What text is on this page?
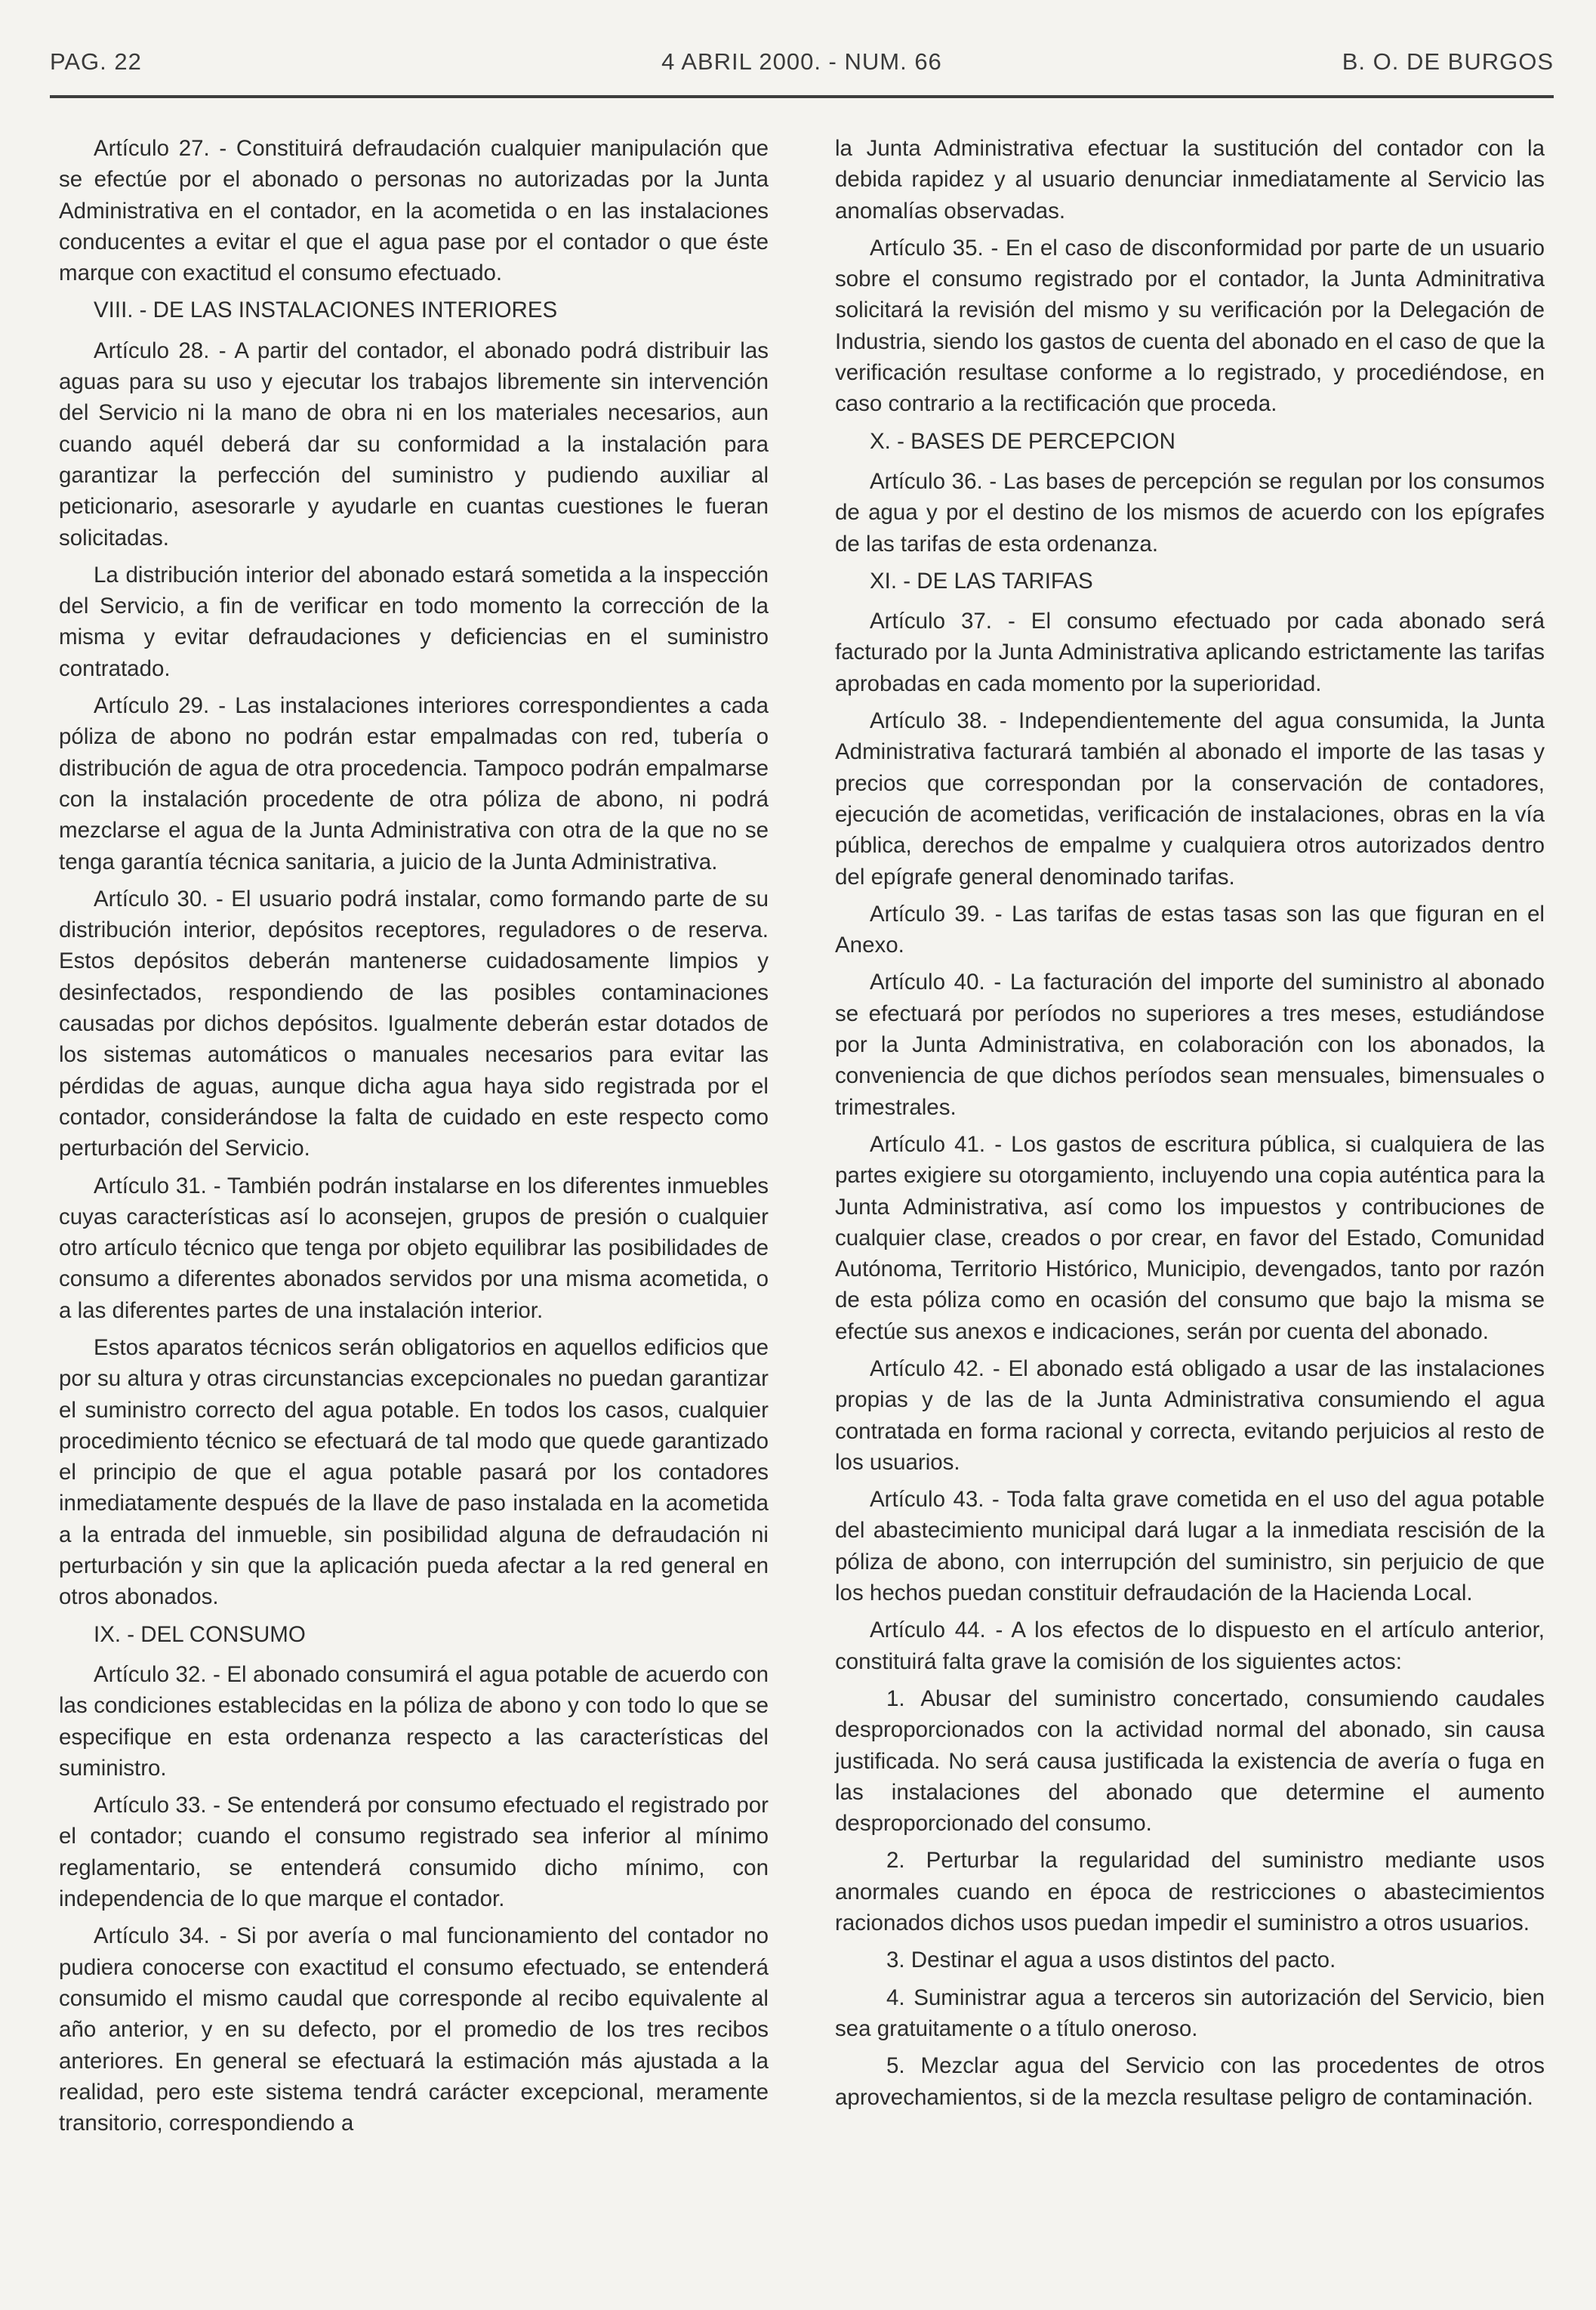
PAG. 22	4 ABRIL 2000. - NUM. 66	B. O. DE BURGOS

Artículo 27. - Constituirá defraudación cualquier manipulación que se efectúe por el abonado o personas no autorizadas por la Junta Administrativa en el contador, en la acometida o en las instalaciones conducentes a evitar el que el agua pase por el contador o que éste marque con exactitud el consumo efectuado.

VIII. - DE LAS INSTALACIONES INTERIORES

Artículo 28. - A partir del contador, el abonado podrá distribuir las aguas para su uso y ejecutar los trabajos libremente sin intervención del Servicio ni la mano de obra ni en los materiales necesarios, aun cuando aquél deberá dar su conformidad a la instalación para garantizar la perfección del suministro y pudiendo auxiliar al peticionario, asesorarle y ayudarle en cuantas cuestiones le fueran solicitadas.

La distribución interior del abonado estará sometida a la inspección del Servicio, a fin de verificar en todo momento la corrección de la misma y evitar defraudaciones y deficiencias en el suministro contratado.

Artículo 29. - Las instalaciones interiores correspondientes a cada póliza de abono no podrán estar empalmadas con red, tubería o distribución de agua de otra procedencia. Tampoco podrán empalmarse con la instalación procedente de otra póliza de abono, ni podrá mezclarse el agua de la Junta Administrativa con otra de la que no se tenga garantía técnica sanitaria, a juicio de la Junta Administrativa.

Artículo 30. - El usuario podrá instalar, como formando parte de su distribución interior, depósitos receptores, reguladores o de reserva. Estos depósitos deberán mantenerse cuidadosamente limpios y desinfectados, respondiendo de las posibles contaminaciones causadas por dichos depósitos. Igualmente deberán estar dotados de los sistemas automáticos o manuales necesarios para evitar las pérdidas de aguas, aunque dicha agua haya sido registrada por el contador, considerándose la falta de cuidado en este respecto como perturbación del Servicio.

Artículo 31. - También podrán instalarse en los diferentes inmuebles cuyas características así lo aconsejen, grupos de presión o cualquier otro artículo técnico que tenga por objeto equilibrar las posibilidades de consumo a diferentes abonados servidos por una misma acometida, o a las diferentes partes de una instalación interior.

Estos aparatos técnicos serán obligatorios en aquellos edificios que por su altura y otras circunstancias excepcionales no puedan garantizar el suministro correcto del agua potable. En todos los casos, cualquier procedimiento técnico se efectuará de tal modo que quede garantizado el principio de que el agua potable pasará por los contadores inmediatamente después de la llave de paso instalada en la acometida a la entrada del inmueble, sin posibilidad alguna de defraudación ni perturbación y sin que la aplicación pueda afectar a la red general en otros abonados.

IX. - DEL CONSUMO

Artículo 32. - El abonado consumirá el agua potable de acuerdo con las condiciones establecidas en la póliza de abono y con todo lo que se especifique en esta ordenanza respecto a las características del suministro.

Artículo 33. - Se entenderá por consumo efectuado el registrado por el contador; cuando el consumo registrado sea inferior al mínimo reglamentario, se entenderá consumido dicho mínimo, con independencia de lo que marque el contador.

Artículo 34. - Si por avería o mal funcionamiento del contador no pudiera conocerse con exactitud el consumo efectuado, se entenderá consumido el mismo caudal que corresponde al recibo equivalente al año anterior, y en su defecto, por el promedio de los tres recibos anteriores. En general se efectuará la estimación más ajustada a la realidad, pero este sistema tendrá carácter excepcional, meramente transitorio, correspondiendo a

la Junta Administrativa efectuar la sustitución del contador con la debida rapidez y al usuario denunciar inmediatamente al Servicio las anomalías observadas.

Artículo 35. - En el caso de disconformidad por parte de un usuario sobre el consumo registrado por el contador, la Junta Adminitrativa solicitará la revisión del mismo y su verificación por la Delegación de Industria, siendo los gastos de cuenta del abonado en el caso de que la verificación resultase conforme a lo registrado, y procediéndose, en caso contrario a la rectificación que proceda.

X. - BASES DE PERCEPCION

Artículo 36. - Las bases de percepción se regulan por los consumos de agua y por el destino de los mismos de acuerdo con los epígrafes de las tarifas de esta ordenanza.

XI. - DE LAS TARIFAS

Artículo 37. - El consumo efectuado por cada abonado será facturado por la Junta Administrativa aplicando estrictamente las tarifas aprobadas en cada momento por la superioridad.

Artículo 38. - Independientemente del agua consumida, la Junta Administrativa facturará también al abonado el importe de las tasas y precios que correspondan por la conservación de contadores, ejecución de acometidas, verificación de instalaciones, obras en la vía pública, derechos de empalme y cualquiera otros autorizados dentro del epígrafe general denominado tarifas.

Artículo 39. - Las tarifas de estas tasas son las que figuran en el Anexo.

Artículo 40. - La facturación del importe del suministro al abonado se efectuará por períodos no superiores a tres meses, estudiándose por la Junta Administrativa, en colaboración con los abonados, la conveniencia de que dichos períodos sean mensuales, bimensuales o trimestrales.

Artículo 41. - Los gastos de escritura pública, si cualquiera de las partes exigiere su otorgamiento, incluyendo una copia auténtica para la Junta Administrativa, así como los impuestos y contribuciones de cualquier clase, creados o por crear, en favor del Estado, Comunidad Autónoma, Territorio Histórico, Municipio, devengados, tanto por razón de esta póliza como en ocasión del consumo que bajo la misma se efectúe sus anexos e indicaciones, serán por cuenta del abonado.

Artículo 42. - El abonado está obligado a usar de las instalaciones propias y de las de la Junta Administrativa consumiendo el agua contratada en forma racional y correcta, evitando perjuicios al resto de los usuarios.

Artículo 43. - Toda falta grave cometida en el uso del agua potable del abastecimiento municipal dará lugar a la inmediata rescisión de la póliza de abono, con interrupción del suministro, sin perjuicio de que los hechos puedan constituir defraudación de la Hacienda Local.

Artículo 44. - A los efectos de lo dispuesto en el artículo anterior, constituirá falta grave la comisión de los siguientes actos:

1. Abusar del suministro concertado, consumiendo caudales desproporcionados con la actividad normal del abonado, sin causa justificada. No será causa justificada la existencia de avería o fuga en las instalaciones del abonado que determine el aumento desproporcionado del consumo.

2. Perturbar la regularidad del suministro mediante usos anormales cuando en época de restricciones o abastecimientos racionados dichos usos puedan impedir el suministro a otros usuarios.

3. Destinar el agua a usos distintos del pacto.

4. Suministrar agua a terceros sin autorización del Servicio, bien sea gratuitamente o a título oneroso.

5. Mezclar agua del Servicio con las procedentes de otros aprovechamientos, si de la mezcla resultase peligro de contaminación.
